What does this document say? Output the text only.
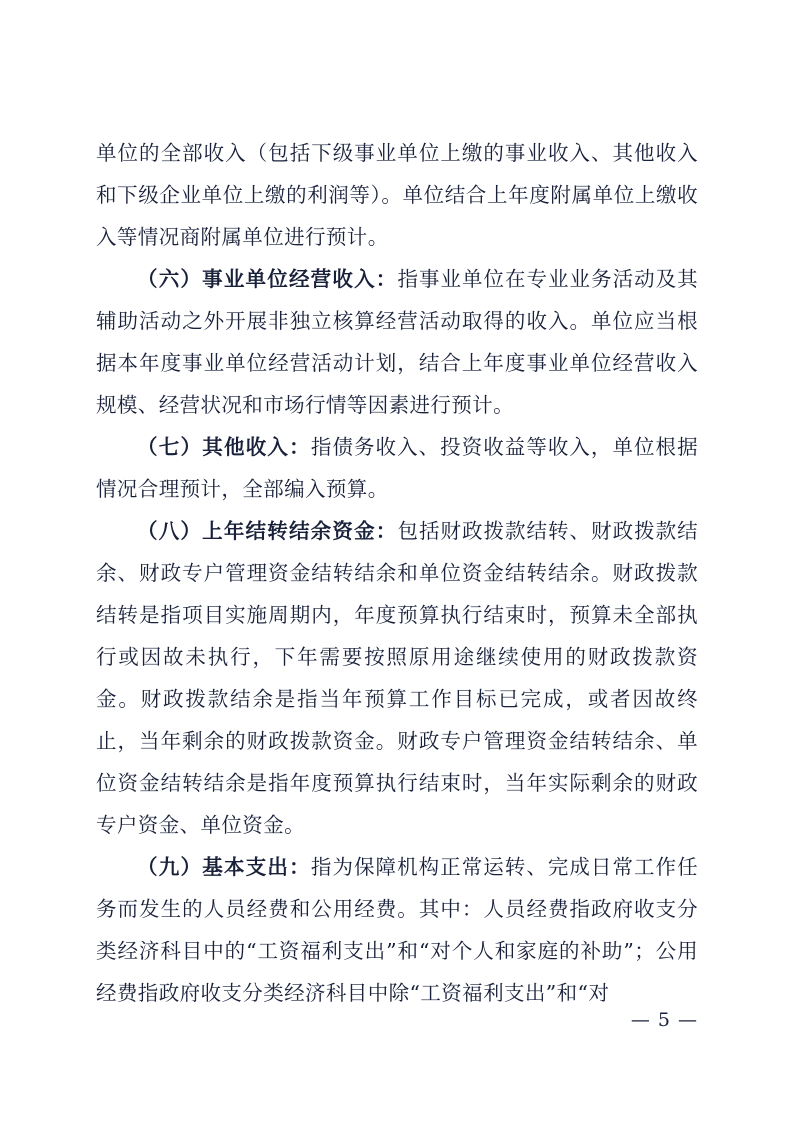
单位的全部收入（包括下级事业单位上缴的事业收入、其他收入和下级企业单位上缴的利润等）。单位结合上年度附属单位上缴收入等情况商附属单位进行预计。

（六）事业单位经营收入：指事业单位在专业业务活动及其辅助活动之外开展非独立核算经营活动取得的收入。单位应当根据本年度事业单位经营活动计划，结合上年度事业单位经营收入规模、经营状况和市场行情等因素进行预计。

（七）其他收入：指债务收入、投资收益等收入，单位根据情况合理预计，全部编入预算。

（八）上年结转结余资金：包括财政拨款结转、财政拨款结余、财政专户管理资金结转结余和单位资金结转结余。财政拨款结转是指项目实施周期内，年度预算执行结束时，预算未全部执行或因故未执行，下年需要按照原用途继续使用的财政拨款资金。财政拨款结余是指当年预算工作目标已完成，或者因故终止，当年剩余的财政拨款资金。财政专户管理资金结转结余、单位资金结转结余是指年度预算执行结束时，当年实际剩余的财政专户资金、单位资金。

（九）基本支出：指为保障机构正常运转、完成日常工作任务而发生的人员经费和公用经费。其中：人员经费指政府收支分类经济科目中的“工资福利支出”和“对个人和家庭的补助”；公用经费指政府收支分类经济科目中除“工资福利支出”和“对

— 5 —
